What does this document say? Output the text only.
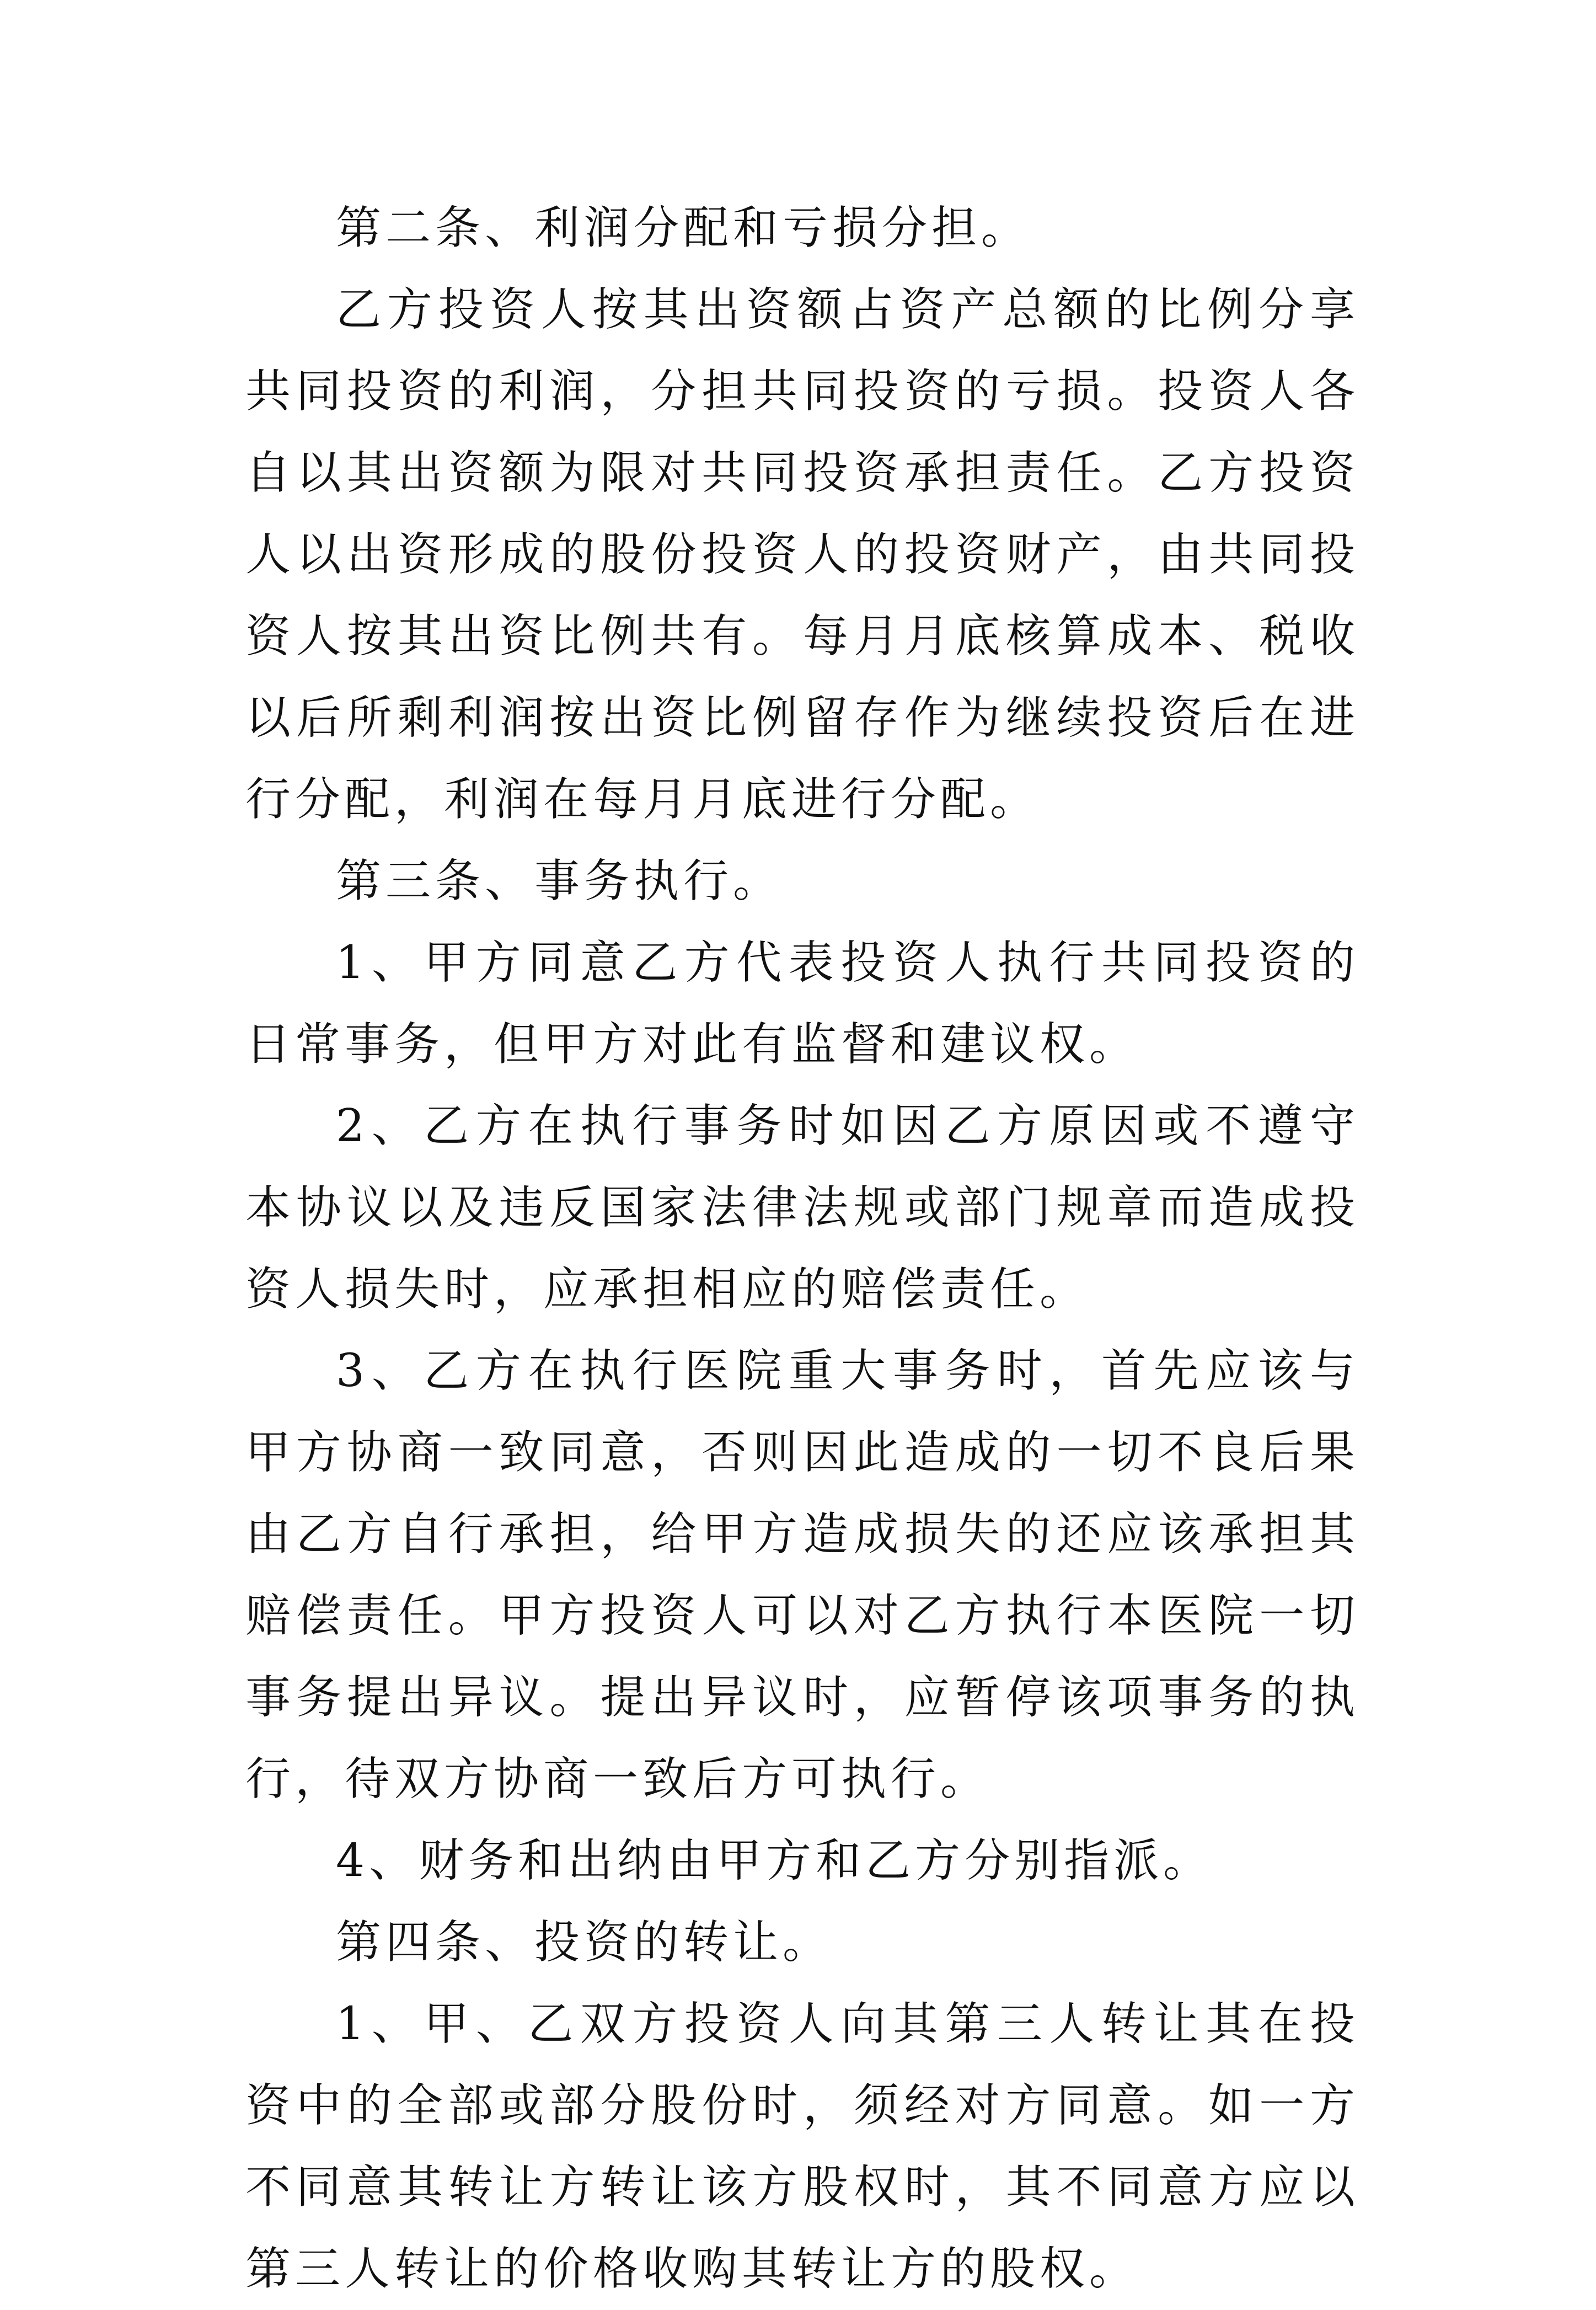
第二条、利润分配和亏损分担。

乙方投资人按其出资额占资产总额的比例分享共同投资的利润，分担共同投资的亏损。投资人各自以其出资额为限对共同投资承担责任。乙方投资人以出资形成的股份投资人的投资财产，由共同投资人按其出资比例共有。每月月底核算成本、税收以后所剩利润按出资比例留存作为继续投资后在进行分配，利润在每月月底进行分配。

第三条、事务执行。

1、甲方同意乙方代表投资人执行共同投资的日常事务，但甲方对此有监督和建议权。

2、乙方在执行事务时如因乙方原因或不遵守本协议以及违反国家法律法规或部门规章而造成投资人损失时，应承担相应的赔偿责任。

3、乙方在执行医院重大事务时，首先应该与甲方协商一致同意，否则因此造成的一切不良后果由乙方自行承担，给甲方造成损失的还应该承担其赔偿责任。甲方投资人可以对乙方执行本医院一切事务提出异议。提出异议时，应暂停该项事务的执行，待双方协商一致后方可执行。

4、财务和出纳由甲方和乙方分别指派。

第四条、投资的转让。

1、甲、乙双方投资人向其第三人转让其在投资中的全部或部分股份时，须经对方同意。如一方不同意其转让方转让该方股权时，其不同意方应以第三人转让的价格收购其转让方的股权。
